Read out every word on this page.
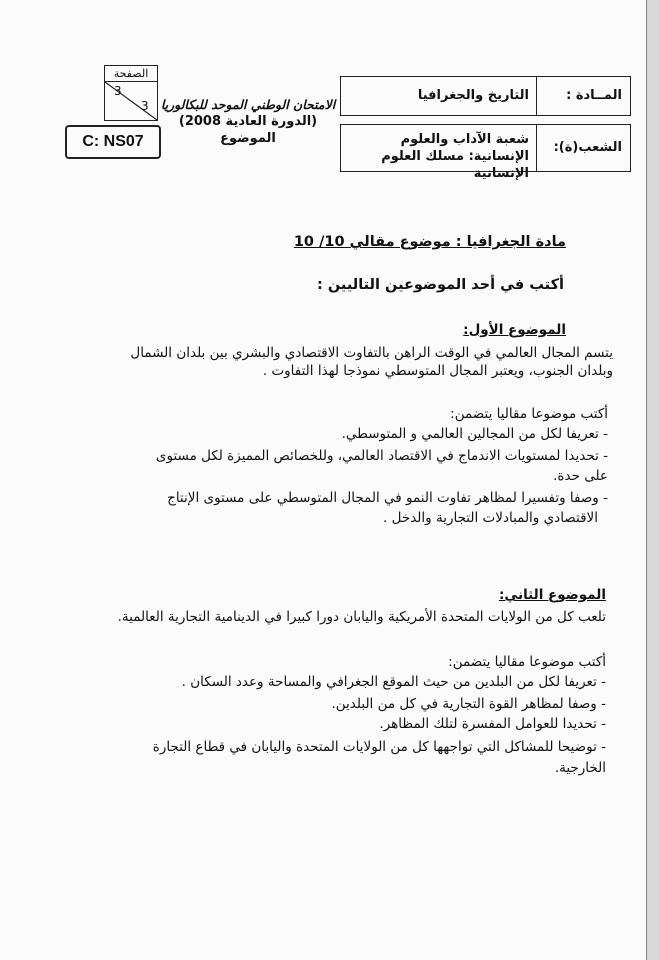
الصفحة
3
3
C: NS07
الامتحان الوطني الموحد للبكالوريا
(الدورة العادية 2008)
الموضوع
المــادة :
التاريخ والجغرافيا
الشعب(ة):
شعبة الآداب والعلوم الإنسانية: مسلك العلوم الإنسانية
مادة الجغرافيا : موضوع مقالي 10/ 10
أكتب في أحد الموضوعين التاليين :
الموضوع الأول:
يتسم المجال العالمي في الوقت الراهن بالتفاوت الاقتصادي والبشري بين بلدان الشمال
وبلدان الجنوب، ويعتبر المجال المتوسطي نموذجا لهذا التفاوت .
أكتب موضوعا مقاليا يتضمن:
- تعريفا لكل من المجالين العالمي و المتوسطي.
- تحديدا لمستويات الاندماج في الاقتصاد العالمي، وللخصائص المميزة لكل مستوى
على حدة.
- وصفا وتفسيرا لمظاهر تفاوت النمو في المجال المتوسطي على مستوى الإنتاج
الاقتصادي والمبادلات التجارية والدخل .
الموضوع الثاني:
تلعب كل من الولايات المتحدة الأمريكية واليابان دورا كبيرا في الدينامية التجارية العالمية.
أكتب موضوعا مقاليا يتضمن:
- تعريفا لكل من البلدين من حيث الموقع الجغرافي والمساحة وعدد السكان .
- وصفا لمظاهر القوة التجارية في كل من البلدين.
- تحديدا للعوامل المفسرة لتلك المظاهر.
- توضيحا للمشاكل التي تواجهها كل من الولايات المتحدة واليابان في قطاع التجارة
الخارجية.
